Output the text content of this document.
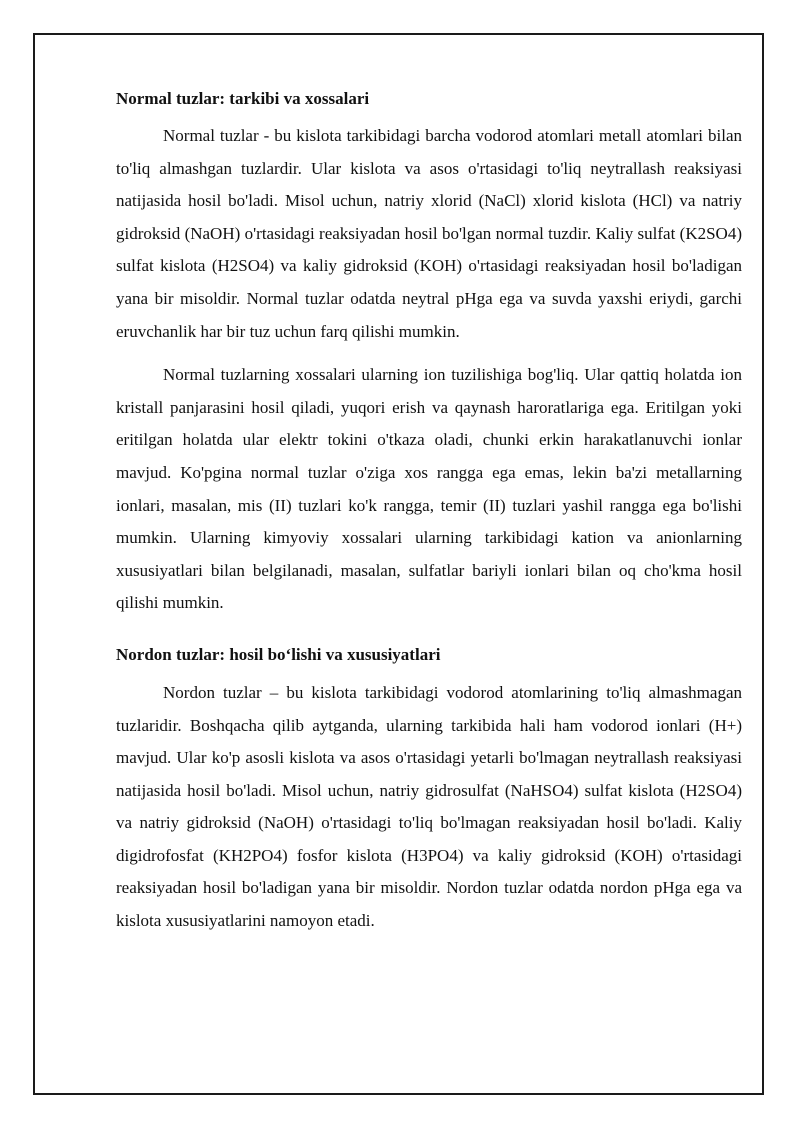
Normal tuzlar: tarkibi va xossalari

Normal tuzlar - bu kislota tarkibidagi barcha vodorod atomlari metall atomlari bilan to'liq almashgan tuzlardir. Ular kislota va asos o'rtasidagi to'liq neytrallash reaksiyasi natijasida hosil bo'ladi. Misol uchun, natriy xlorid (NaCl) xlorid kislota (HCl) va natriy gidroksid (NaOH) o'rtasidagi reaksiyadan hosil bo'lgan normal tuzdir. Kaliy sulfat (K2SO4) sulfat kislota (H2SO4) va kaliy gidroksid (KOH) o'rtasidagi reaksiyadan hosil bo'ladigan yana bir misoldir. Normal tuzlar odatda neytral pHga ega va suvda yaxshi eriydi, garchi eruvchanlik har bir tuz uchun farq qilishi mumkin.

Normal tuzlarning xossalari ularning ion tuzilishiga bog'liq. Ular qattiq holatda ion kristall panjarasini hosil qiladi, yuqori erish va qaynash haroratlariga ega. Eritilgan yoki eritilgan holatda ular elektr tokini o'tkaza oladi, chunki erkin harakatlanuvchi ionlar mavjud. Ko'pgina normal tuzlar o'ziga xos rangga ega emas, lekin ba'zi metallarning ionlari, masalan, mis (II) tuzlari ko'k rangga, temir (II) tuzlari yashil rangga ega bo'lishi mumkin. Ularning kimyoviy xossalari ularning tarkibidagi kation va anionlarning xususiyatlari bilan belgilanadi, masalan, sulfatlar bariyli ionlari bilan oq cho'kma hosil qilishi mumkin.

Nordon tuzlar: hosil boʻlishi va xususiyatlari

Nordon tuzlar – bu kislota tarkibidagi vodorod atomlarining to'liq almashmagan tuzlaridir. Boshqacha qilib aytganda, ularning tarkibida hali ham vodorod ionlari (H+) mavjud. Ular ko'p asosli kislota va asos o'rtasidagi yetarli bo'lmagan neytrallash reaksiyasi natijasida hosil bo'ladi. Misol uchun, natriy gidrosulfat (NaHSO4) sulfat kislota (H2SO4) va natriy gidroksid (NaOH) o'rtasidagi to'liq bo'lmagan reaksiyadan hosil bo'ladi. Kaliy digidrofosfat (KH2PO4) fosfor kislota (H3PO4) va kaliy gidroksid (KOH) o'rtasidagi reaksiyadan hosil bo'ladigan yana bir misoldir. Nordon tuzlar odatda nordon pHga ega va kislota xususiyatlarini namoyon etadi.
